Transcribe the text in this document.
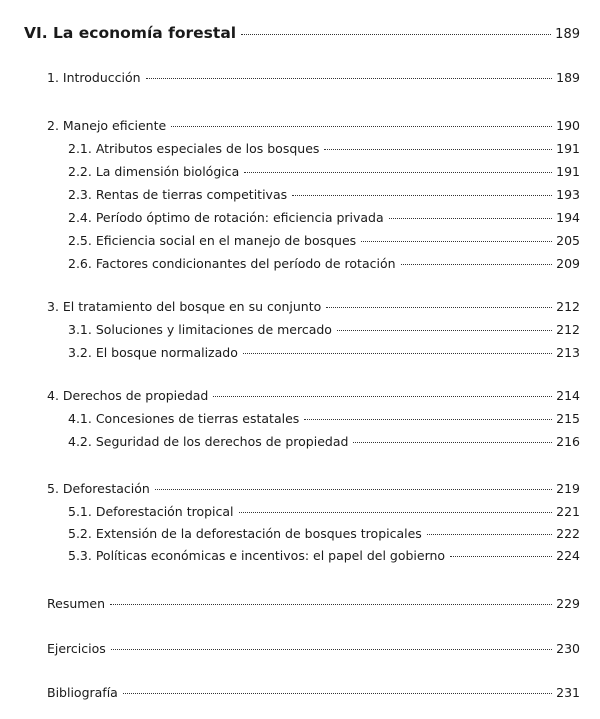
VI. La economía forestal	189
1. Introducción	189
2. Manejo eficiente	190
2.1. Atributos especiales de los bosques	191
2.2. La dimensión biológica	191
2.3. Rentas de tierras competitivas	193
2.4. Período óptimo de rotación: eficiencia privada	194
2.5. Eficiencia social en el manejo de bosques	205
2.6. Factores condicionantes del período de rotación	209
3. El tratamiento del bosque en su conjunto	212
3.1. Soluciones y limitaciones de mercado	212
3.2. El bosque normalizado	213
4. Derechos de propiedad	214
4.1. Concesiones de tierras estatales	215
4.2. Seguridad de los derechos de propiedad	216
5. Deforestación	219
5.1. Deforestación tropical	221
5.2. Extensión de la deforestación de bosques tropicales	222
5.3. Políticas económicas e incentivos: el papel del gobierno	224
Resumen	229
Ejercicios	230
Bibliografía	231
